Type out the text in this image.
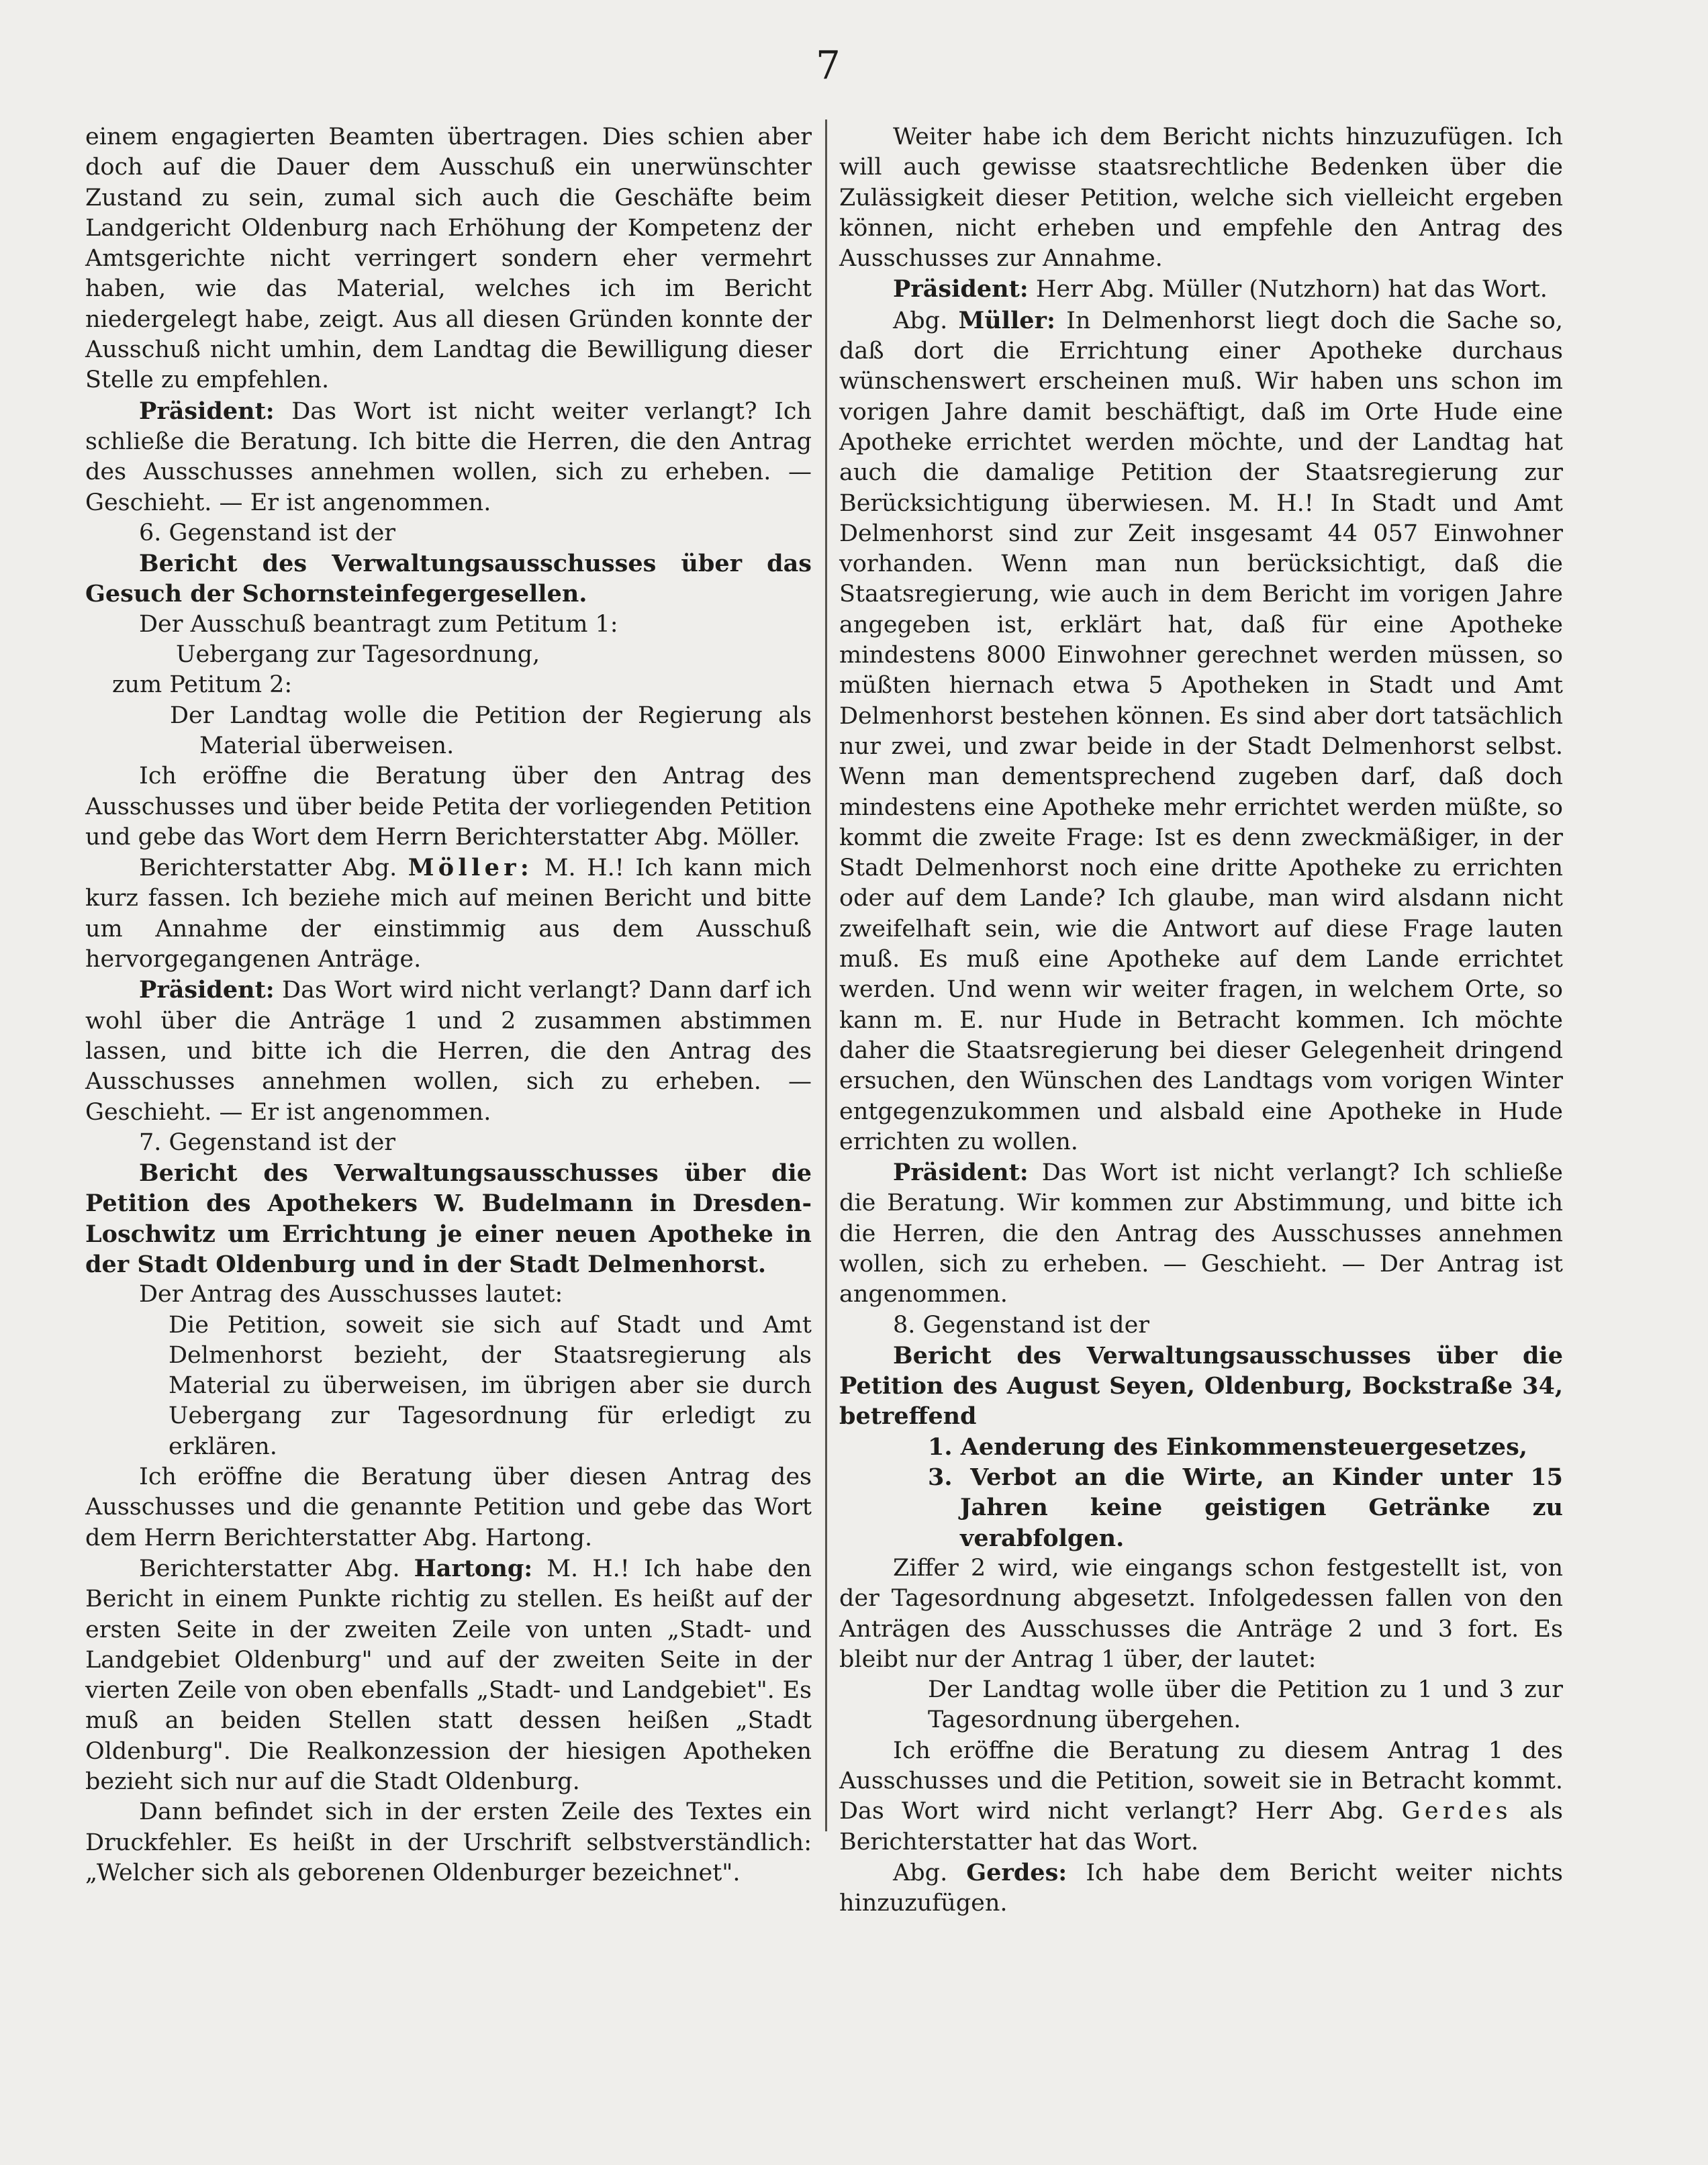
7

einem engagierten Beamten übertragen. Dies schien aber doch auf die Dauer dem Ausschuß ein unerwünschter Zustand zu sein, zumal sich auch die Geschäfte beim Landgericht Oldenburg nach Erhöhung der Kompetenz der Amtsgerichte nicht verringert sondern eher vermehrt haben, wie das Material, welches ich im Bericht niedergelegt habe, zeigt. Aus all diesen Gründen konnte der Ausschuß nicht umhin, dem Landtag die Bewilligung dieser Stelle zu empfehlen.

Präsident: Das Wort ist nicht weiter verlangt? Ich schließe die Beratung. Ich bitte die Herren, die den Antrag des Ausschusses annehmen wollen, sich zu erheben. — Geschieht. — Er ist angenommen.

6. Gegenstand ist der

Bericht des Verwaltungsausschusses über das Gesuch der Schornsteinfegergesellen.

Der Ausschuß beantragt zum Petitum 1:

Uebergang zur Tagesordnung,

zum Petitum 2:

Der Landtag wolle die Petition der Regierung als Material überweisen.

Ich eröffne die Beratung über den Antrag des Ausschusses und über beide Petita der vorliegenden Petition und gebe das Wort dem Herrn Berichterstatter Abg. Möller.

Berichterstatter Abg. Möller: M. H.! Ich kann mich kurz fassen. Ich beziehe mich auf meinen Bericht und bitte um Annahme der einstimmig aus dem Ausschuß hervorgegangenen Anträge.

Präsident: Das Wort wird nicht verlangt? Dann darf ich wohl über die Anträge 1 und 2 zusammen abstimmen lassen, und bitte ich die Herren, die den Antrag des Ausschusses annehmen wollen, sich zu erheben. — Geschieht. — Er ist angenommen.

7. Gegenstand ist der

Bericht des Verwaltungsausschusses über die Petition des Apothekers W. Budelmann in Dresden-Loschwitz um Errichtung je einer neuen Apotheke in der Stadt Oldenburg und in der Stadt Delmenhorst.

Der Antrag des Ausschusses lautet:

Die Petition, soweit sie sich auf Stadt und Amt Delmenhorst bezieht, der Staatsregierung als Material zu überweisen, im übrigen aber sie durch Uebergang zur Tagesordnung für erledigt zu erklären.

Ich eröffne die Beratung über diesen Antrag des Ausschusses und die genannte Petition und gebe das Wort dem Herrn Berichterstatter Abg. Hartong.

Berichterstatter Abg. Hartong: M. H.! Ich habe den Bericht in einem Punkte richtig zu stellen. Es heißt auf der ersten Seite in der zweiten Zeile von unten „Stadt- und Landgebiet Oldenburg" und auf der zweiten Seite in der vierten Zeile von oben ebenfalls „Stadt- und Landgebiet". Es muß an beiden Stellen statt dessen heißen „Stadt Oldenburg". Die Realkonzession der hiesigen Apotheken bezieht sich nur auf die Stadt Oldenburg.

Dann befindet sich in der ersten Zeile des Textes ein Druckfehler. Es heißt in der Urschrift selbstverständlich: „Welcher sich als geborenen Oldenburger bezeichnet".

Weiter habe ich dem Bericht nichts hinzuzufügen. Ich will auch gewisse staatsrechtliche Bedenken über die Zulässigkeit dieser Petition, welche sich vielleicht ergeben können, nicht erheben und empfehle den Antrag des Ausschusses zur Annahme.

Präsident: Herr Abg. Müller (Nutzhorn) hat das Wort.

Abg. Müller: In Delmenhorst liegt doch die Sache so, daß dort die Errichtung einer Apotheke durchaus wünschenswert erscheinen muß. Wir haben uns schon im vorigen Jahre damit beschäftigt, daß im Orte Hude eine Apotheke errichtet werden möchte, und der Landtag hat auch die damalige Petition der Staatsregierung zur Berücksichtigung überwiesen. M. H.! In Stadt und Amt Delmenhorst sind zur Zeit insgesamt 44 057 Einwohner vorhanden. Wenn man nun berücksichtigt, daß die Staatsregierung, wie auch in dem Bericht im vorigen Jahre angegeben ist, erklärt hat, daß für eine Apotheke mindestens 8000 Einwohner gerechnet werden müssen, so müßten hiernach etwa 5 Apotheken in Stadt und Amt Delmenhorst bestehen können. Es sind aber dort tatsächlich nur zwei, und zwar beide in der Stadt Delmenhorst selbst. Wenn man dementsprechend zugeben darf, daß doch mindestens eine Apotheke mehr errichtet werden müßte, so kommt die zweite Frage: Ist es denn zweckmäßiger, in der Stadt Delmenhorst noch eine dritte Apotheke zu errichten oder auf dem Lande? Ich glaube, man wird alsdann nicht zweifelhaft sein, wie die Antwort auf diese Frage lauten muß. Es muß eine Apotheke auf dem Lande errichtet werden. Und wenn wir weiter fragen, in welchem Orte, so kann m. E. nur Hude in Betracht kommen. Ich möchte daher die Staatsregierung bei dieser Gelegenheit dringend ersuchen, den Wünschen des Landtags vom vorigen Winter entgegenzukommen und alsbald eine Apotheke in Hude errichten zu wollen.

Präsident: Das Wort ist nicht verlangt? Ich schließe die Beratung. Wir kommen zur Abstimmung, und bitte ich die Herren, die den Antrag des Ausschusses annehmen wollen, sich zu erheben. — Geschieht. — Der Antrag ist angenommen.

8. Gegenstand ist der

Bericht des Verwaltungsausschusses über die Petition des August Seyen, Oldenburg, Bockstraße 34, betreffend

1. Aenderung des Einkommensteuergesetzes,

3. Verbot an die Wirte, an Kinder unter 15 Jahren keine geistigen Getränke zu verabfolgen.

Ziffer 2 wird, wie eingangs schon festgestellt ist, von der Tagesordnung abgesetzt. Infolgedessen fallen von den Anträgen des Ausschusses die Anträge 2 und 3 fort. Es bleibt nur der Antrag 1 über, der lautet:

Der Landtag wolle über die Petition zu 1 und 3 zur Tagesordnung übergehen.

Ich eröffne die Beratung zu diesem Antrag 1 des Ausschusses und die Petition, soweit sie in Betracht kommt. Das Wort wird nicht verlangt? Herr Abg. Gerdes als Berichterstatter hat das Wort.

Abg. Gerdes: Ich habe dem Bericht weiter nichts hinzuzufügen.
